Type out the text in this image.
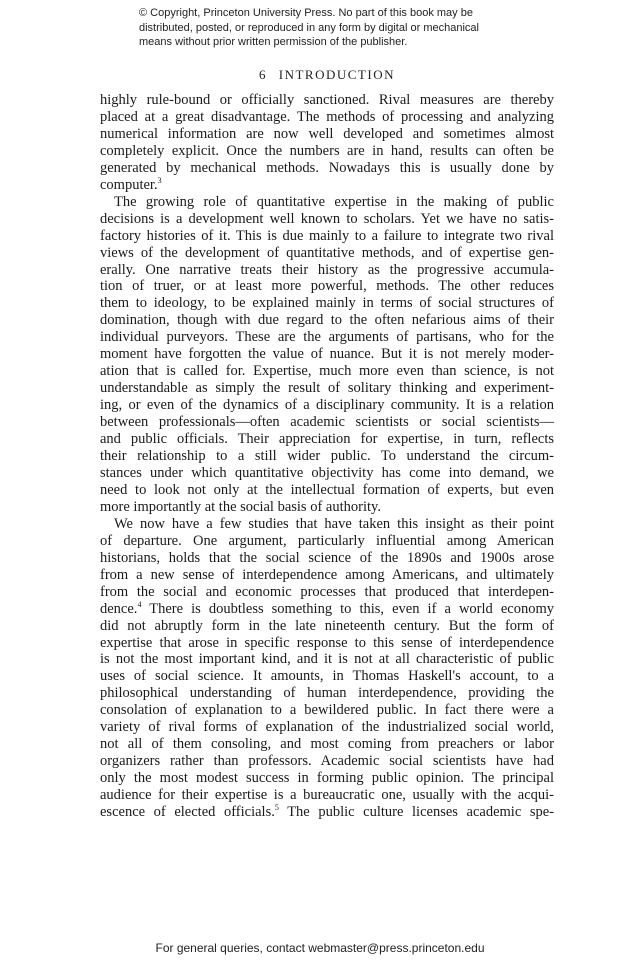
© Copyright, Princeton University Press. No part of this book may be
distributed, posted, or reproduced in any form by digital or mechanical
means without prior written permission of the publisher.
6 INTRODUCTION
highly rule-bound or officially sanctioned. Rival measures are thereby
placed at a great disadvantage. The methods of processing and analyzing
numerical information are now well developed and sometimes almost
completely explicit. Once the numbers are in hand, results can often be
generated by mechanical methods. Nowadays this is usually done by
computer.$^3$
The growing role of quantitative expertise in the making of public
decisions is a development well known to scholars. Yet we have no satis-
factory histories of it. This is due mainly to a failure to integrate two rival
views of the development of quantitative methods, and of expertise gen-
erally. One narrative treats their history as the progressive accumula-
tion of truer, or at least more powerful, methods. The other reduces
them to ideology, to be explained mainly in terms of social structures of
domination, though with due regard to the often nefarious aims of their
individual purveyors. These are the arguments of partisans, who for the
moment have forgotten the value of nuance. But it is not merely moder-
ation that is called for. Expertise, much more even than science, is not
understandable as simply the result of solitary thinking and experiment-
ing, or even of the dynamics of a disciplinary community. It is a relation
between professionals—often academic scientists or social scientists—
and public officials. Their appreciation for expertise, in turn, reflects
their relationship to a still wider public. To understand the circum-
stances under which quantitative objectivity has come into demand, we
need to look not only at the intellectual formation of experts, but even
more importantly at the social basis of authority.
We now have a few studies that have taken this insight as their point
of departure. One argument, particularly influential among American
historians, holds that the social science of the 1890s and 1900s arose
from a new sense of interdependence among Americans, and ultimately
from the social and economic processes that produced that interdepen-
dence.$^4$ There is doubtless something to this, even if a world economy
did not abruptly form in the late nineteenth century. But the form of
expertise that arose in specific response to this sense of interdependence
is not the most important kind, and it is not at all characteristic of public
uses of social science. It amounts, in Thomas Haskell's account, to a
philosophical understanding of human interdependence, providing the
consolation of explanation to a bewildered public. In fact there were a
variety of rival forms of explanation of the industrialized social world,
not all of them consoling, and most coming from preachers or labor
organizers rather than professors. Academic social scientists have had
only the most modest success in forming public opinion. The principal
audience for their expertise is a bureaucratic one, usually with the acqui-
escence of elected officials.$^5$ The public culture licenses academic spe-
For general queries, contact webmaster@press.princeton.edu
